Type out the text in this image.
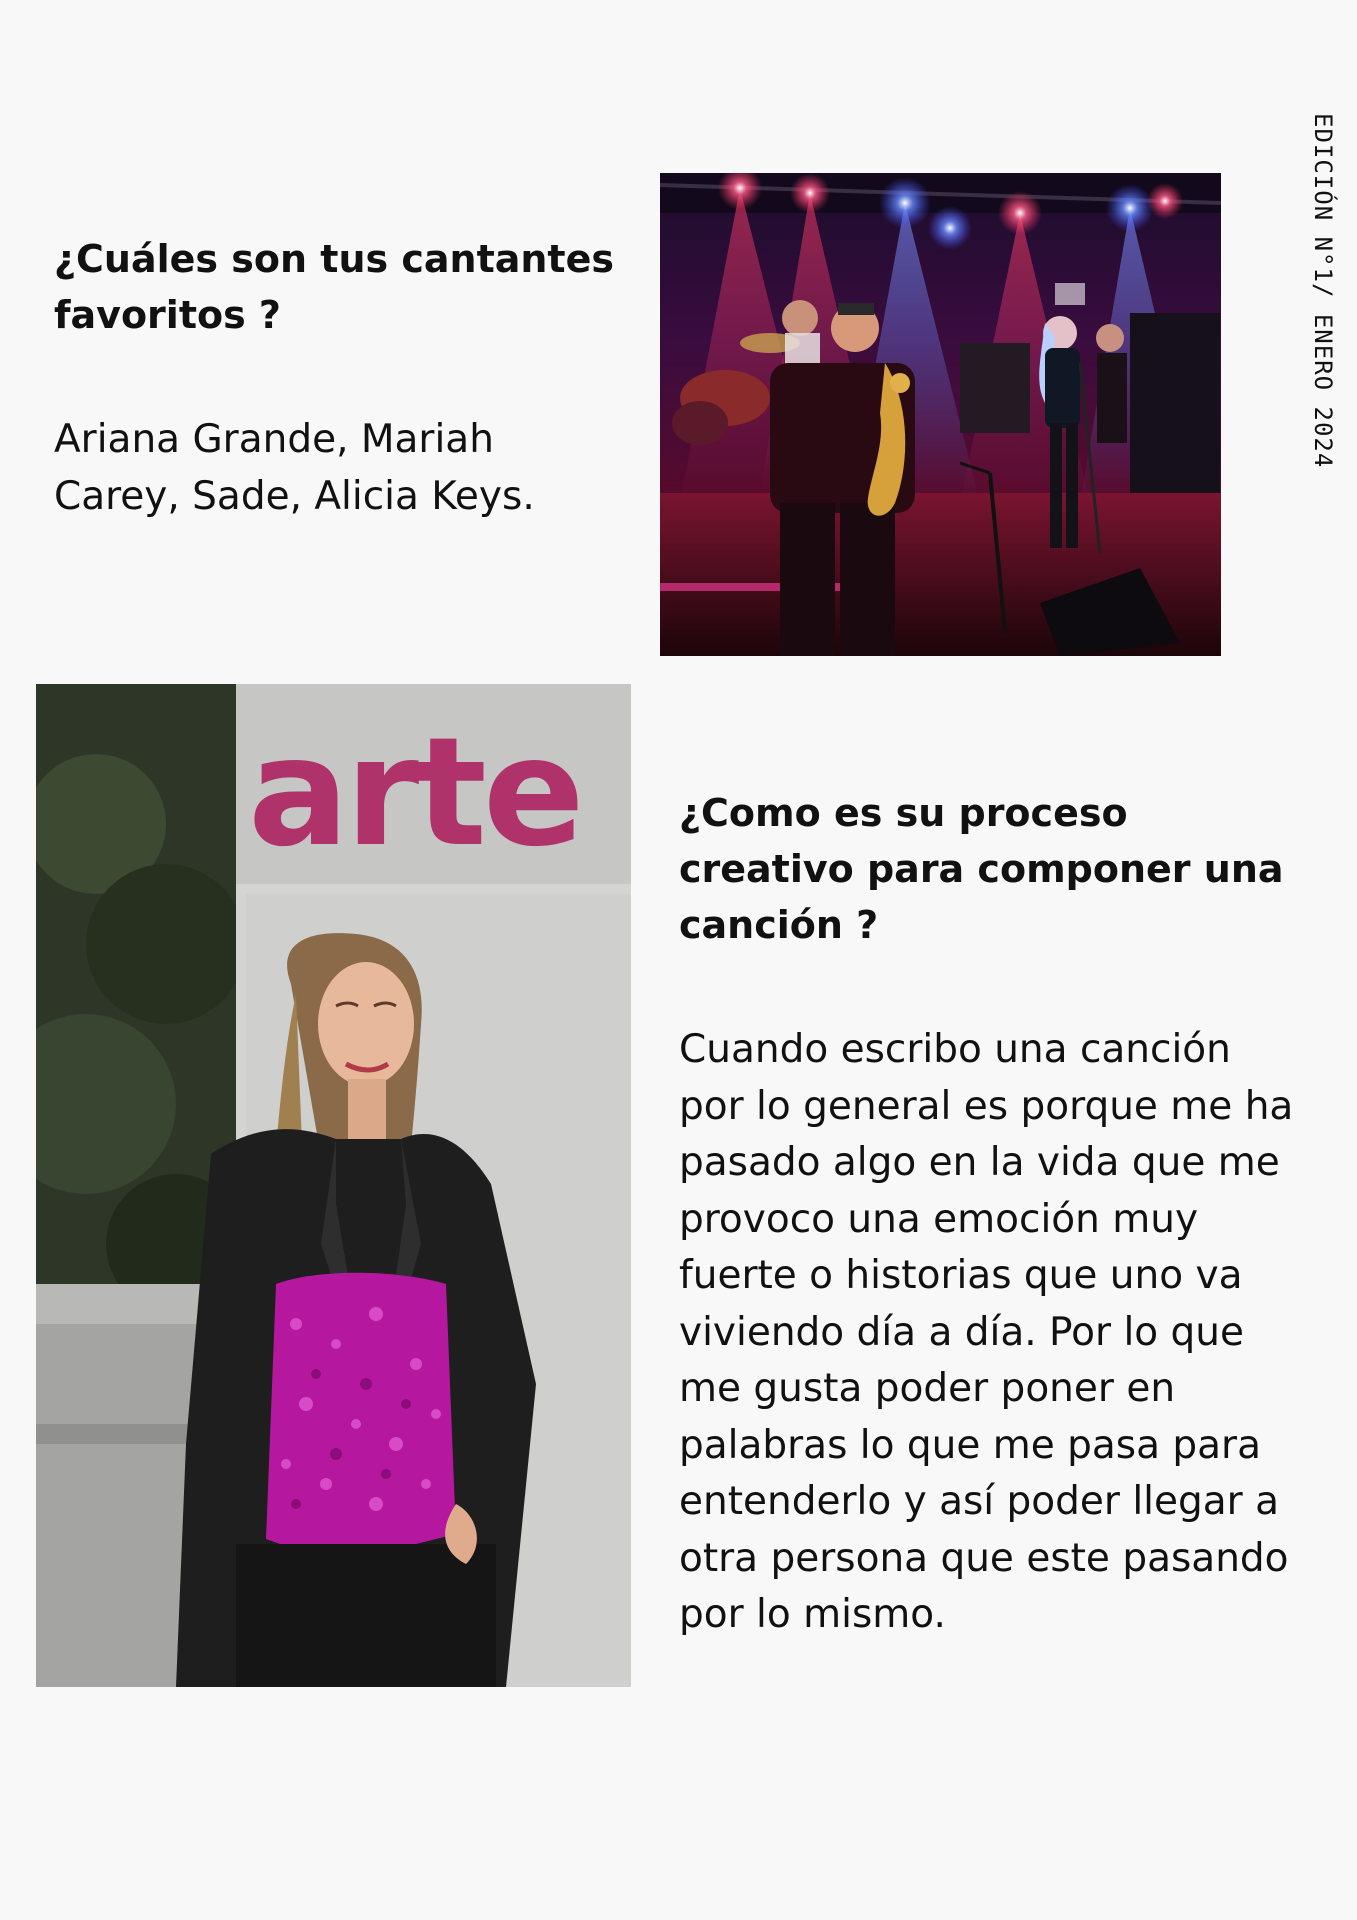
EDICIÓN N°1/ ENERO 2024
¿Cuáles son tus cantantes favoritos ?

Ariana Grande, Mariah Carey, Sade, Alicia Keys.

arte	¿Como es su proceso creativo para componer una canción ?

Cuando escribo una canción por lo general es porque me ha pasado algo en la vida que me provoco una emoción muy fuerte o historias que uno va viviendo día a día. Por lo que me gusta poder poner en palabras lo que me pasa para entenderlo y así poder llegar a otra persona que este pasando por lo mismo.
